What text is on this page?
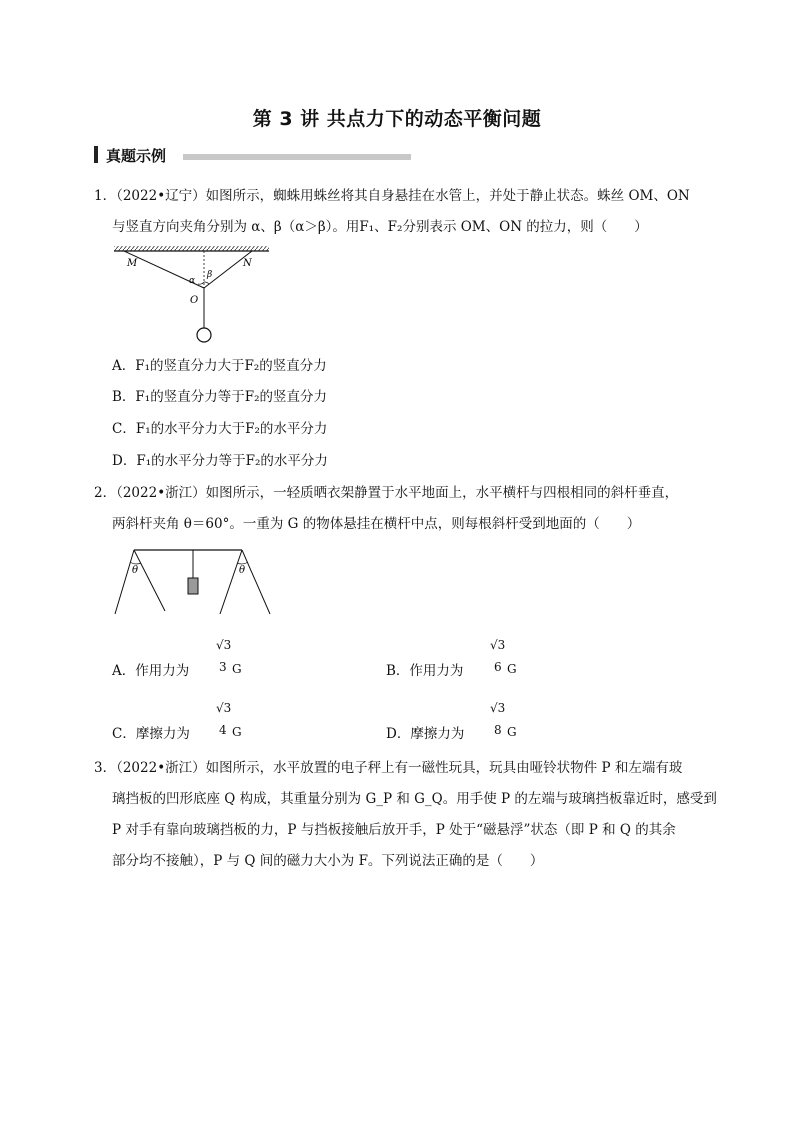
第 3 讲 共点力下的动态平衡问题
真题示例
1．（2022•辽宁）如图所示，蜘蛛用蛛丝将其自身悬挂在水管上，并处于静止状态。蛛丝 OM、ON
与竖直方向夹角分别为 α、β（α＞β）。用F₁、F₂分别表示 OM、ON 的拉力，则（　　）
M	N
O
α
β
A．F₁的竖直分力大于F₂的竖直分力
B．F₁的竖直分力等于F₂的竖直分力
C．F₁的水平分力大于F₂的水平分力
D．F₁的水平分力等于F₂的水平分力
2．（2022•浙江）如图所示，一轻质晒衣架静置于水平地面上，水平横杆与四根相同的斜杆垂直，
两斜杆夹角 θ＝60°。一重为 G 的物体悬挂在横杆中点，则每根斜杆受到地面的（　　）
θ	θ
A．作用力为
√3
3 G	B．作用力为
√3
6 G
C．摩擦力为
√3
4 G	D．摩擦力为
√3
8 G
3．（2022•浙江）如图所示，水平放置的电子秤上有一磁性玩具，玩具由哑铃状物件 P 和左端有玻
璃挡板的凹形底座 Q 构成，其重量分别为 G_P 和 G_Q。用手使 P 的左端与玻璃挡板靠近时，感受到
P 对手有靠向玻璃挡板的力，P 与挡板接触后放开手，P 处于“磁悬浮”状态（即 P 和 Q 的其余
部分均不接触），P 与 Q 间的磁力大小为 F。下列说法正确的是（　　）
